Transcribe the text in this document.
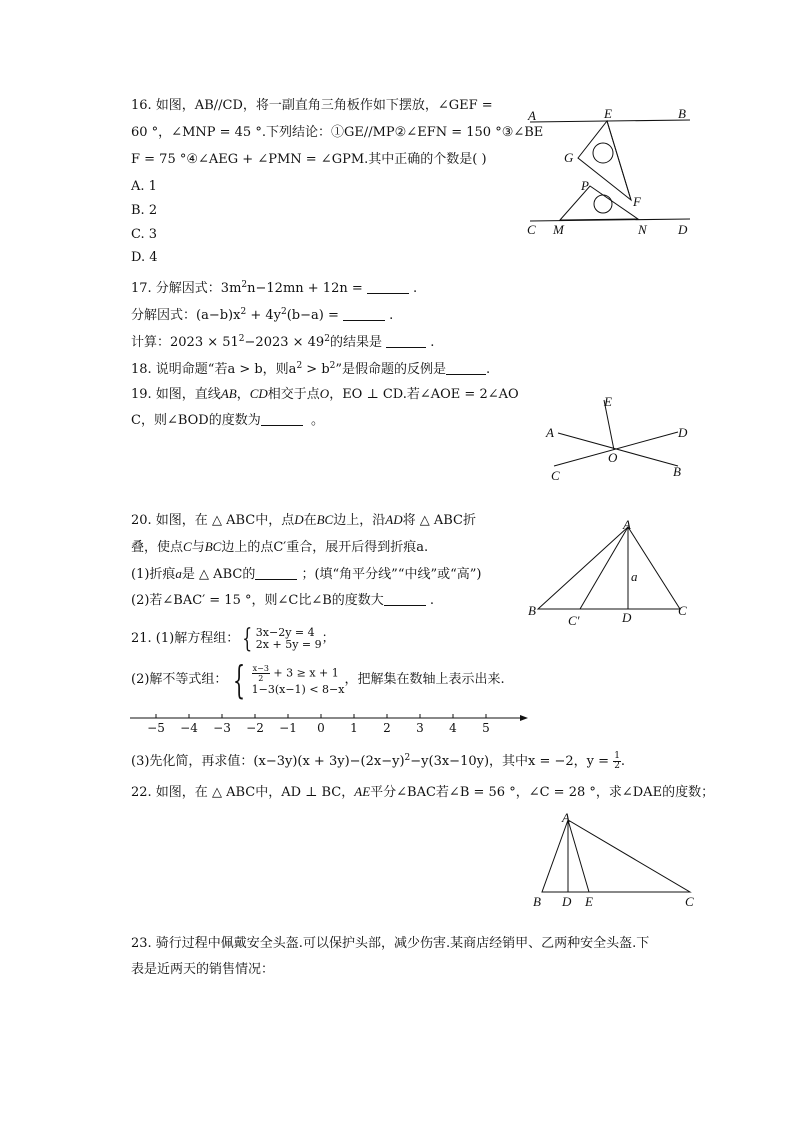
16. 如图，AB//CD，将一副直角三角板作如下摆放，∠GEF =
60 °，∠MNP = 45 °.下列结论：①GE//MP②∠EFN = 150 °③∠BE
F = 75 °④∠AEG + ∠PMN = ∠GPM.其中正确的个数是( )
A. 1
B. 2
C. 3
D. 4
A	E	B
G
P
F
C M	N D
17. 分解因式：$3m^2n-12mn + 12n$ =	.
分解因式：$(a-b)x^2 + 4y^2(b-a)$ =	.
计算：$2023 \times 51^2-2023 \times 49^2$的结果是	.
18. 说明命题“若a > b，则$a^2 > b^2$”是假命题的反例是	.
19. 如图，直线AB，CD相交于点O，EO ⊥ CD.若∠AOE = 2∠AO
C，则∠BOD的度数为	。
E
A	D
O
C	B
20. 如图，在 △ ABC中，点D在BC边上，沿AD将 △ ABC折
叠，使点C与BC边上的点C′重合，展开后得到折痕a.
(1)折痕a是 △ ABC的	；(填“角平分线”“中线”或“高”)
(2)若∠BAC′ = 15 °，则∠C比∠B的度数大	.
A
a
B
C′	D	C
21. (1)解方程组： { 3x−2y = 4
2x + 5y = 9 ；
(2)解不等式组： { $\frac{x-3}{2} + 3 \ge x + 1$
1−3(x−1) < 8−x
，把解集在数轴上表示出来.
−5 −4 −3 −2 −1 0 1 2 3 4 5
(3)先化简，再求值：$(x-3y)(x + 3y)-(2x-y)^2-y(3x-10y)$，其中x = −2，$y = \frac{1}{2}$ .
22. 如图，在 △ ABC中，AD ⊥ BC，AE平分∠BAC若∠B = 56 °，∠C = 28 °，求∠DAE的度数；
A
B D E	C
23. 骑行过程中佩戴安全头盔.可以保护头部，减少伤害.某商店经销甲、乙两种安全头盔.下
表是近两天的销售情况：
